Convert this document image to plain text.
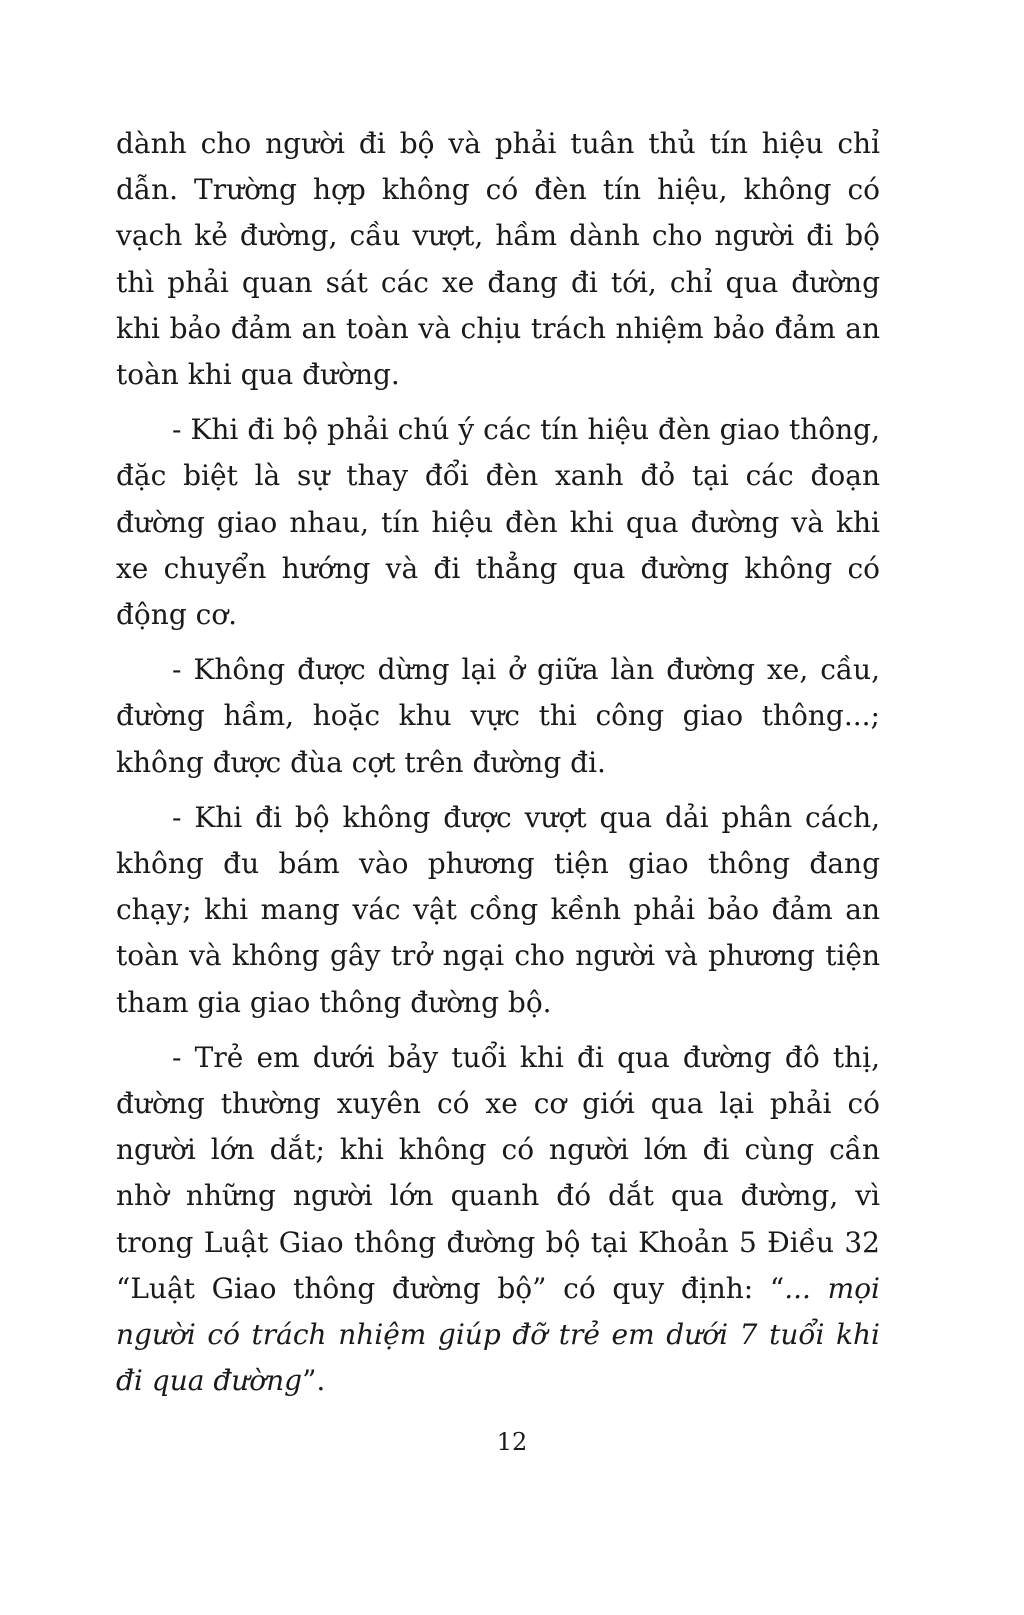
dành cho người đi bộ và phải tuân thủ tín hiệu chỉ dẫn. Trường hợp không có đèn tín hiệu, không có vạch kẻ đường, cầu vượt, hầm dành cho người đi bộ thì phải quan sát các xe đang đi tới, chỉ qua đường khi bảo đảm an toàn và chịu trách nhiệm bảo đảm an toàn khi qua đường.

- Khi đi bộ phải chú ý các tín hiệu đèn giao thông, đặc biệt là sự thay đổi đèn xanh đỏ tại các đoạn đường giao nhau, tín hiệu đèn khi qua đường và khi xe chuyển hướng và đi thẳng qua đường không có động cơ.

- Không được dừng lại ở giữa làn đường xe, cầu, đường hầm, hoặc khu vực thi công giao thông...; không được đùa cợt trên đường đi.

- Khi đi bộ không được vượt qua dải phân cách, không đu bám vào phương tiện giao thông đang chạy; khi mang vác vật cồng kềnh phải bảo đảm an toàn và không gây trở ngại cho người và phương tiện tham gia giao thông đường bộ.

- Trẻ em dưới bảy tuổi khi đi qua đường đô thị, đường thường xuyên có xe cơ giới qua lại phải có người lớn dắt; khi không có người lớn đi cùng cần nhờ những người lớn quanh đó dắt qua đường, vì trong Luật Giao thông đường bộ tại Khoản 5 Điều 32 “Luật Giao thông đường bộ” có quy định: “... mọi người có trách nhiệm giúp đỡ trẻ em dưới 7 tuổi khi đi qua đường”.

12
